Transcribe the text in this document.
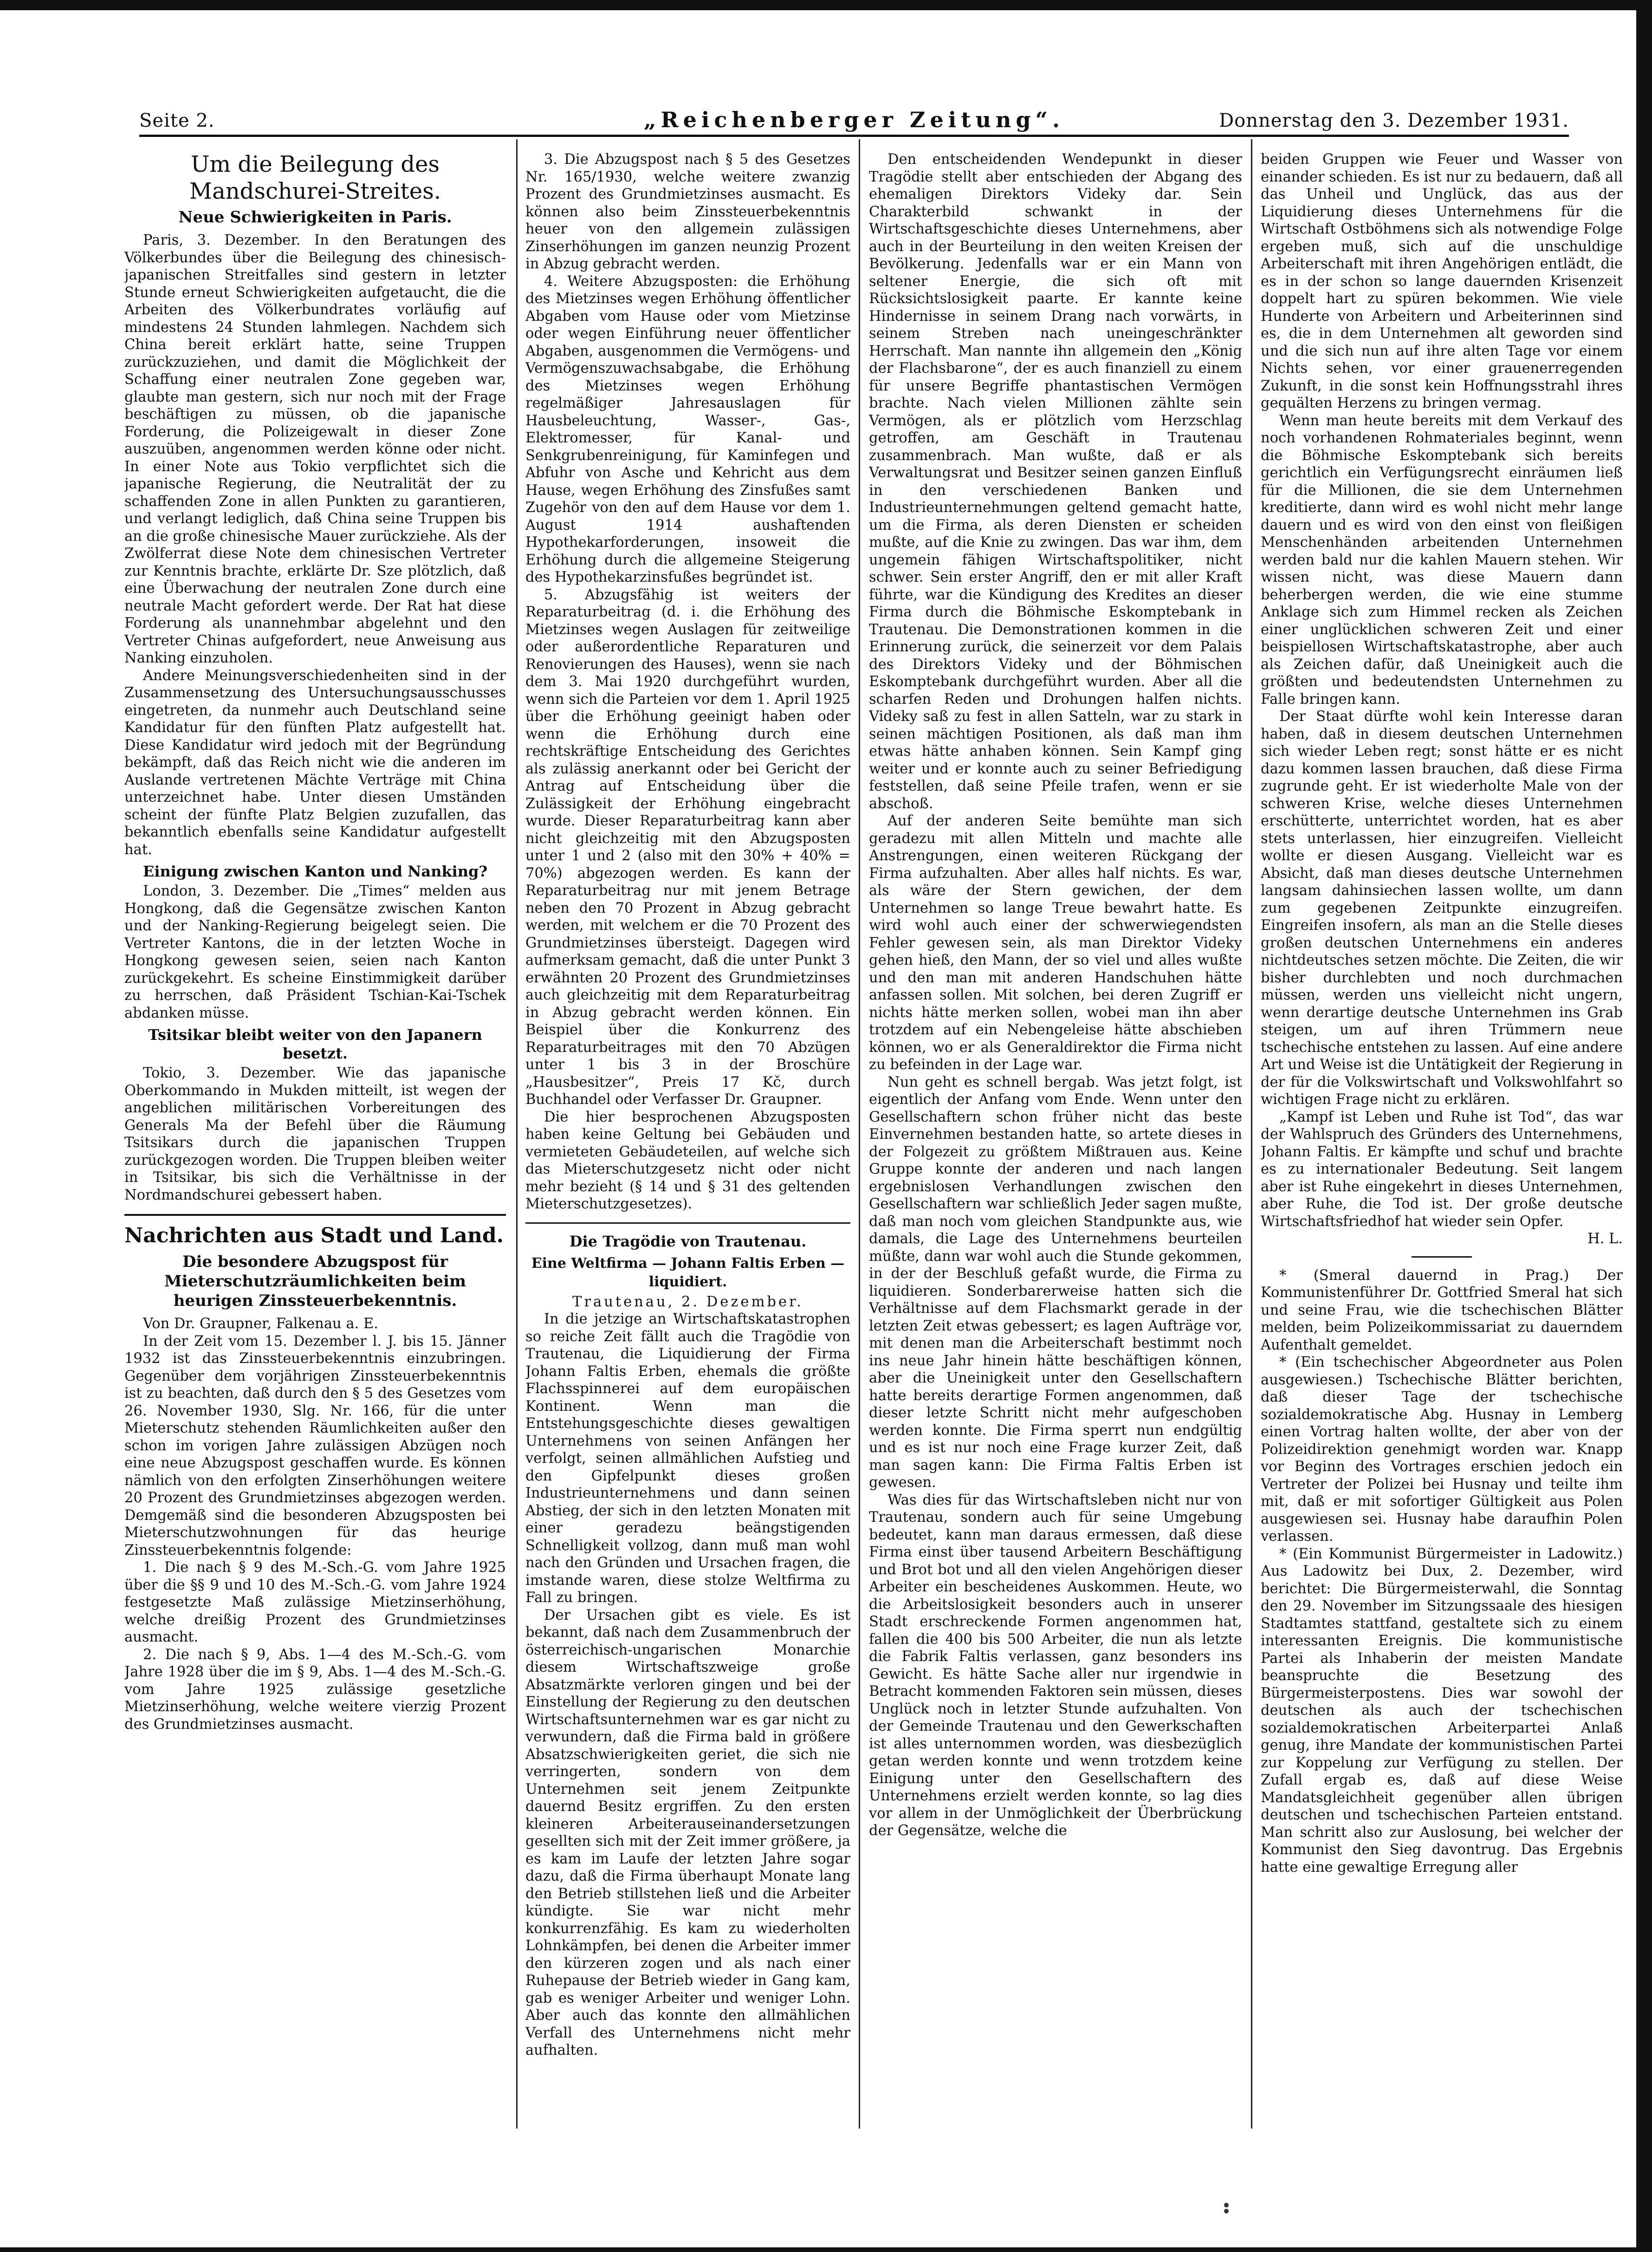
Seite 2.	„Reichenberger Zeitung“.	Donnerstag den 3. Dezember 1931.
Um die Beilegung des Mandschurei-Streites.
Neue Schwierigkeiten in Paris.

Paris, 3. Dezember. In den Beratungen des Völkerbundes über die Beilegung des chinesisch-japanischen Streitfalles sind gestern in letzter Stunde erneut Schwierigkeiten aufgetaucht, die die Arbeiten des Völkerbundrates vorläufig auf mindestens 24 Stunden lahmlegen. Nachdem sich China bereit erklärt hatte, seine Truppen zurückzuziehen, und damit die Möglichkeit der Schaffung einer neutralen Zone gegeben war, glaubte man gestern, sich nur noch mit der Frage beschäftigen zu müssen, ob die japanische Forderung, die Polizeigewalt in dieser Zone auszuüben, angenommen werden könne oder nicht. In einer Note aus Tokio verpflichtet sich die japanische Regierung, die Neutralität der zu schaffenden Zone in allen Punkten zu garantieren, und verlangt lediglich, daß China seine Truppen bis an die große chinesische Mauer zurückziehe. Als der Zwölferrat diese Note dem chinesischen Vertreter zur Kenntnis brachte, erklärte Dr. Sze plötzlich, daß eine Überwachung der neutralen Zone durch eine neutrale Macht gefordert werde. Der Rat hat diese Forderung als unannehmbar abgelehnt und den Vertreter Chinas aufgefordert, neue Anweisung aus Nanking einzuholen.

Andere Meinungsverschiedenheiten sind in der Zusammensetzung des Untersuchungsausschusses eingetreten, da nunmehr auch Deutschland seine Kandidatur für den fünften Platz aufgestellt hat. Diese Kandidatur wird jedoch mit der Begründung bekämpft, daß das Reich nicht wie die anderen im Auslande vertretenen Mächte Verträge mit China unterzeichnet habe. Unter diesen Umständen scheint der fünfte Platz Belgien zuzufallen, das bekanntlich ebenfalls seine Kandidatur aufgestellt hat.

Einigung zwischen Kanton und Nanking?

London, 3. Dezember. Die „Times“ melden aus Hongkong, daß die Gegensätze zwischen Kanton und der Nanking-Regierung beigelegt seien. Die Vertreter Kantons, die in der letzten Woche in Hongkong gewesen seien, seien nach Kanton zurückgekehrt. Es scheine Einstimmigkeit darüber zu herrschen, daß Präsident Tschian-Kai-Tschek abdanken müsse.

Tsitsikar bleibt weiter von den Japanern besetzt.

Tokio, 3. Dezember. Wie das japanische Oberkommando in Mukden mitteilt, ist wegen der angeblichen militärischen Vorbereitungen des Generals Ma der Befehl über die Räumung Tsitsikars durch die japanischen Truppen zurückgezogen worden. Die Truppen bleiben weiter in Tsitsikar, bis sich die Verhältnisse in der Nordmandschurei gebessert haben.

Nachrichten aus Stadt und Land.
Die besondere Abzugspost für Mieterschutzräumlichkeiten beim heurigen Zinssteuerbekenntnis.

Von Dr. Graupner, Falkenau a. E.

In der Zeit vom 15. Dezember l. J. bis 15. Jänner 1932 ist das Zinssteuerbekenntnis einzubringen. Gegenüber dem vorjährigen Zinssteuerbekenntnis ist zu beachten, daß durch den § 5 des Gesetzes vom 26. November 1930, Slg. Nr. 166, für die unter Mieterschutz stehenden Räumlichkeiten außer den schon im vorigen Jahre zulässigen Abzügen noch eine neue Abzugspost geschaffen wurde. Es können nämlich von den erfolgten Zinserhöhungen weitere 20 Prozent des Grundmietzinses abgezogen werden. Demgemäß sind die besonderen Abzugsposten bei Mieterschutzwohnungen für das heurige Zinssteuerbekenntnis folgende:

1. Die nach § 9 des M.-Sch.-G. vom Jahre 1925 über die §§ 9 und 10 des M.-Sch.-G. vom Jahre 1924 festgesetzte Maß zulässige Mietzinserhöhung, welche dreißig Prozent des Grundmietzinses ausmacht.

2. Die nach § 9, Abs. 1—4 des M.-Sch.-G. vom Jahre 1928 über die im § 9, Abs. 1—4 des M.-Sch.-G. vom Jahre 1925 zulässige gesetzliche Mietzinserhöhung, welche weitere vierzig Prozent des Grundmietzinses ausmacht.

3. Die Abzugspost nach § 5 des Gesetzes Nr. 165/1930, welche weitere zwanzig Prozent des Grundmietzinses ausmacht. Es können also beim Zinssteuerbekenntnis heuer von den allgemein zulässigen Zinserhöhungen im ganzen neunzig Prozent in Abzug gebracht werden.

4. Weitere Abzugsposten: die Erhöhung des Mietzinses wegen Erhöhung öffentlicher Abgaben vom Hause oder vom Mietzinse oder wegen Einführung neuer öffentlicher Abgaben, ausgenommen die Vermögens- und Vermögenszuwachsabgabe, die Erhöhung des Mietzinses wegen Erhöhung regelmäßiger Jahresauslagen für Hausbeleuchtung, Wasser-, Gas-, Elektromesser, für Kanal- und Senkgrubenreinigung, für Kaminfegen und Abfuhr von Asche und Kehricht aus dem Hause, wegen Erhöhung des Zinsfußes samt Zugehör von den auf dem Hause vor dem 1. August 1914 aushaftenden Hypothekarforderungen, insoweit die Erhöhung durch die allgemeine Steigerung des Hypothekarzinsfußes begründet ist.

5. Abzugsfähig ist weiters der Reparaturbeitrag (d. i. die Erhöhung des Mietzinses wegen Auslagen für zeitweilige oder außerordentliche Reparaturen und Renovierungen des Hauses), wenn sie nach dem 3. Mai 1920 durchgeführt wurden, wenn sich die Parteien vor dem 1. April 1925 über die Erhöhung geeinigt haben oder wenn die Erhöhung durch eine rechtskräftige Entscheidung des Gerichtes als zulässig anerkannt oder bei Gericht der Antrag auf Entscheidung über die Zulässigkeit der Erhöhung eingebracht wurde. Dieser Reparaturbeitrag kann aber nicht gleichzeitig mit den Abzugsposten unter 1 und 2 (also mit den 30% + 40% = 70%) abgezogen werden. Es kann der Reparaturbeitrag nur mit jenem Betrage neben den 70 Prozent in Abzug gebracht werden, mit welchem er die 70 Prozent des Grundmietzinses übersteigt. Dagegen wird aufmerksam gemacht, daß die unter Punkt 3 erwähnten 20 Prozent des Grundmietzinses auch gleichzeitig mit dem Reparaturbeitrag in Abzug gebracht werden können. Ein Beispiel über die Konkurrenz des Reparaturbeitrages mit den 70 Abzügen unter 1 bis 3 in der Broschüre „Hausbesitzer“, Preis 17 Kč, durch Buchhandel oder Verfasser Dr. Graupner.

Die hier besprochenen Abzugsposten haben keine Geltung bei Gebäuden und vermieteten Gebäudeteilen, auf welche sich das Mieterschutzgesetz nicht oder nicht mehr bezieht (§ 14 und § 31 des geltenden Mieterschutzgesetzes).

Die Tragödie von Trautenau.
Eine Weltfirma — Johann Faltis Erben — liquidiert.

Trautenau, 2. Dezember.

In die jetzige an Wirtschaftskatastrophen so reiche Zeit fällt auch die Tragödie von Trautenau, die Liquidierung der Firma Johann Faltis Erben, ehemals die größte Flachsspinnerei auf dem europäischen Kontinent. Wenn man die Entstehungsgeschichte dieses gewaltigen Unternehmens von seinen Anfängen her verfolgt, seinen allmählichen Aufstieg und den Gipfelpunkt dieses großen Industrieunternehmens und dann seinen Abstieg, der sich in den letzten Monaten mit einer geradezu beängstigenden Schnelligkeit vollzog, dann muß man wohl nach den Gründen und Ursachen fragen, die imstande waren, diese stolze Weltfirma zu Fall zu bringen.

Der Ursachen gibt es viele. Es ist bekannt, daß nach dem Zusammenbruch der österreichisch-ungarischen Monarchie diesem Wirtschaftszweige große Absatzmärkte verloren gingen und bei der Einstellung der Regierung zu den deutschen Wirtschaftsunternehmen war es gar nicht zu verwundern, daß die Firma bald in größere Absatzschwierigkeiten geriet, die sich nie verringerten, sondern von dem Unternehmen seit jenem Zeitpunkte dauernd Besitz ergriffen. Zu den ersten kleineren Arbeiterauseinandersetzungen gesellten sich mit der Zeit immer größere, ja es kam im Laufe der letzten Jahre sogar dazu, daß die Firma überhaupt Monate lang den Betrieb stillstehen ließ und die Arbeiter kündigte. Sie war nicht mehr konkurrenzfähig. Es kam zu wiederholten Lohnkämpfen, bei denen die Arbeiter immer den kürzeren zogen und als nach einer Ruhepause der Betrieb wieder in Gang kam, gab es weniger Arbeiter und weniger Lohn. Aber auch das konnte den allmählichen Verfall des Unternehmens nicht mehr aufhalten.

Den entscheidenden Wendepunkt in dieser Tragödie stellt aber entschieden der Abgang des ehemaligen Direktors Videky dar. Sein Charakterbild schwankt in der Wirtschaftsgeschichte dieses Unternehmens, aber auch in der Beurteilung in den weiten Kreisen der Bevölkerung. Jedenfalls war er ein Mann von seltener Energie, die sich oft mit Rücksichtslosigkeit paarte. Er kannte keine Hindernisse in seinem Drang nach vorwärts, in seinem Streben nach uneingeschränkter Herrschaft. Man nannte ihn allgemein den „König der Flachsbarone“, der es auch finanziell zu einem für unsere Begriffe phantastischen Vermögen brachte. Nach vielen Millionen zählte sein Vermögen, als er plötzlich vom Herzschlag getroffen, am Geschäft in Trautenau zusammenbrach. Man wußte, daß er als Verwaltungsrat und Besitzer seinen ganzen Einfluß in den verschiedenen Banken und Industrieunternehmungen geltend gemacht hatte, um die Firma, als deren Diensten er scheiden mußte, auf die Knie zu zwingen. Das war ihm, dem ungemein fähigen Wirtschaftspolitiker, nicht schwer. Sein erster Angriff, den er mit aller Kraft führte, war die Kündigung des Kredites an dieser Firma durch die Böhmische Eskomptebank in Trautenau. Die Demonstrationen kommen in die Erinnerung zurück, die seinerzeit vor dem Palais des Direktors Videky und der Böhmischen Eskomptebank durchgeführt wurden. Aber all die scharfen Reden und Drohungen halfen nichts. Videky saß zu fest in allen Satteln, war zu stark in seinen mächtigen Positionen, als daß man ihm etwas hätte anhaben können. Sein Kampf ging weiter und er konnte auch zu seiner Befriedigung feststellen, daß seine Pfeile trafen, wenn er sie abschoß.

Auf der anderen Seite bemühte man sich geradezu mit allen Mitteln und machte alle Anstrengungen, einen weiteren Rückgang der Firma aufzuhalten. Aber alles half nichts. Es war, als wäre der Stern gewichen, der dem Unternehmen so lange Treue bewahrt hatte. Es wird wohl auch einer der schwerwiegendsten Fehler gewesen sein, als man Direktor Videky gehen hieß, den Mann, der so viel und alles wußte und den man mit anderen Handschuhen hätte anfassen sollen. Mit solchen, bei deren Zugriff er nichts hätte merken sollen, wobei man ihn aber trotzdem auf ein Nebengeleise hätte abschieben können, wo er als Generaldirektor die Firma nicht zu befeinden in der Lage war.

Nun geht es schnell bergab. Was jetzt folgt, ist eigentlich der Anfang vom Ende. Wenn unter den Gesellschaftern schon früher nicht das beste Einvernehmen bestanden hatte, so artete dieses in der Folgezeit zu größtem Mißtrauen aus. Keine Gruppe konnte der anderen und nach langen ergebnislosen Verhandlungen zwischen den Gesellschaftern war schließlich Jeder sagen mußte, daß man noch vom gleichen Standpunkte aus, wie damals, die Lage des Unternehmens beurteilen müßte, dann war wohl auch die Stunde gekommen, in der der Beschluß gefaßt wurde, die Firma zu liquidieren. Sonderbarerweise hatten sich die Verhältnisse auf dem Flachsmarkt gerade in der letzten Zeit etwas gebessert; es lagen Aufträge vor, mit denen man die Arbeiterschaft bestimmt noch ins neue Jahr hinein hätte beschäftigen können, aber die Uneinigkeit unter den Gesellschaftern hatte bereits derartige Formen angenommen, daß dieser letzte Schritt nicht mehr aufgeschoben werden konnte. Die Firma sperrt nun endgültig und es ist nur noch eine Frage kurzer Zeit, daß man sagen kann: Die Firma Faltis Erben ist gewesen.

Was dies für das Wirtschaftsleben nicht nur von Trautenau, sondern auch für seine Umgebung bedeutet, kann man daraus ermessen, daß diese Firma einst über tausend Arbeitern Beschäftigung und Brot bot und all den vielen Angehörigen dieser Arbeiter ein bescheidenes Auskommen. Heute, wo die Arbeitslosigkeit besonders auch in unserer Stadt erschreckende Formen angenommen hat, fallen die 400 bis 500 Arbeiter, die nun als letzte die Fabrik Faltis verlassen, ganz besonders ins Gewicht. Es hätte Sache aller nur irgendwie in Betracht kommenden Faktoren sein müssen, dieses Unglück noch in letzter Stunde aufzuhalten. Von der Gemeinde Trautenau und den Gewerkschaften ist alles unternommen worden, was diesbezüglich getan werden konnte und wenn trotzdem keine Einigung unter den Gesellschaftern des Unternehmens erzielt werden konnte, so lag dies vor allem in der Unmöglichkeit der Überbrückung der Gegensätze, welche die

beiden Gruppen wie Feuer und Wasser von einander schieden. Es ist nur zu bedauern, daß all das Unheil und Unglück, das aus der Liquidierung dieses Unternehmens für die Wirtschaft Ostböhmens sich als notwendige Folge ergeben muß, sich auf die unschuldige Arbeiterschaft mit ihren Angehörigen entlädt, die es in der schon so lange dauernden Krisenzeit doppelt hart zu spüren bekommen. Wie viele Hunderte von Arbeitern und Arbeiterinnen sind es, die in dem Unternehmen alt geworden sind und die sich nun auf ihre alten Tage vor einem Nichts sehen, vor einer grauenerregenden Zukunft, in die sonst kein Hoffnungsstrahl ihres gequälten Herzens zu bringen vermag.

Wenn man heute bereits mit dem Verkauf des noch vorhandenen Rohmateriales beginnt, wenn die Böhmische Eskomptebank sich bereits gerichtlich ein Verfügungsrecht einräumen ließ für die Millionen, die sie dem Unternehmen kreditierte, dann wird es wohl nicht mehr lange dauern und es wird von den einst von fleißigen Menschenhänden arbeitenden Unternehmen werden bald nur die kahlen Mauern stehen. Wir wissen nicht, was diese Mauern dann beherbergen werden, die wie eine stumme Anklage sich zum Himmel recken als Zeichen einer unglücklichen schweren Zeit und einer beispiellosen Wirtschaftskatastrophe, aber auch als Zeichen dafür, daß Uneinigkeit auch die größten und bedeutendsten Unternehmen zu Falle bringen kann.

Der Staat dürfte wohl kein Interesse daran haben, daß in diesem deutschen Unternehmen sich wieder Leben regt; sonst hätte er es nicht dazu kommen lassen brauchen, daß diese Firma zugrunde geht. Er ist wiederholte Male von der schweren Krise, welche dieses Unternehmen erschütterte, unterrichtet worden, hat es aber stets unterlassen, hier einzugreifen. Vielleicht wollte er diesen Ausgang. Vielleicht war es Absicht, daß man dieses deutsche Unternehmen langsam dahinsiechen lassen wollte, um dann zum gegebenen Zeitpunkte einzugreifen. Eingreifen insofern, als man an die Stelle dieses großen deutschen Unternehmens ein anderes nichtdeutsches setzen möchte. Die Zeiten, die wir bisher durchlebten und noch durchmachen müssen, werden uns vielleicht nicht ungern, wenn derartige deutsche Unternehmen ins Grab steigen, um auf ihren Trümmern neue tschechische entstehen zu lassen. Auf eine andere Art und Weise ist die Untätigkeit der Regierung in der für die Volkswirtschaft und Volkswohlfahrt so wichtigen Frage nicht zu erklären.

„Kampf ist Leben und Ruhe ist Tod“, das war der Wahlspruch des Gründers des Unternehmens, Johann Faltis. Er kämpfte und schuf und brachte es zu internationaler Bedeutung. Seit langem aber ist Ruhe eingekehrt in dieses Unternehmen, aber Ruhe, die Tod ist. Der große deutsche Wirtschaftsfriedhof hat wieder sein Opfer.

H. L.

* (Smeral dauernd in Prag.) Der Kommunistenführer Dr. Gottfried Smeral hat sich und seine Frau, wie die tschechischen Blätter melden, beim Polizeikommissariat zu dauerndem Aufenthalt gemeldet.

* (Ein tschechischer Abgeordneter aus Polen ausgewiesen.) Tschechische Blätter berichten, daß dieser Tage der tschechische sozialdemokratische Abg. Husnay in Lemberg einen Vortrag halten wollte, der aber von der Polizeidirektion genehmigt worden war. Knapp vor Beginn des Vortrages erschien jedoch ein Vertreter der Polizei bei Husnay und teilte ihm mit, daß er mit sofortiger Gültigkeit aus Polen ausgewiesen sei. Husnay habe daraufhin Polen verlassen.

* (Ein Kommunist Bürgermeister in Ladowitz.) Aus Ladowitz bei Dux, 2. Dezember, wird berichtet: Die Bürgermeisterwahl, die Sonntag den 29. November im Sitzungssaale des hiesigen Stadtamtes stattfand, gestaltete sich zu einem interessanten Ereignis. Die kommunistische Partei als Inhaberin der meisten Mandate beanspruchte die Besetzung des Bürgermeisterpostens. Dies war sowohl der deutschen als auch der tschechischen sozialdemokratischen Arbeiterpartei Anlaß genug, ihre Mandate der kommunistischen Partei zur Koppelung zur Verfügung zu stellen. Der Zufall ergab es, daß auf diese Weise Mandatsgleichheit gegenüber allen übrigen deutschen und tschechischen Parteien entstand. Man schritt also zur Auslosung, bei welcher der Kommunist den Sieg davontrug. Das Ergebnis hatte eine gewaltige Erregung aller
